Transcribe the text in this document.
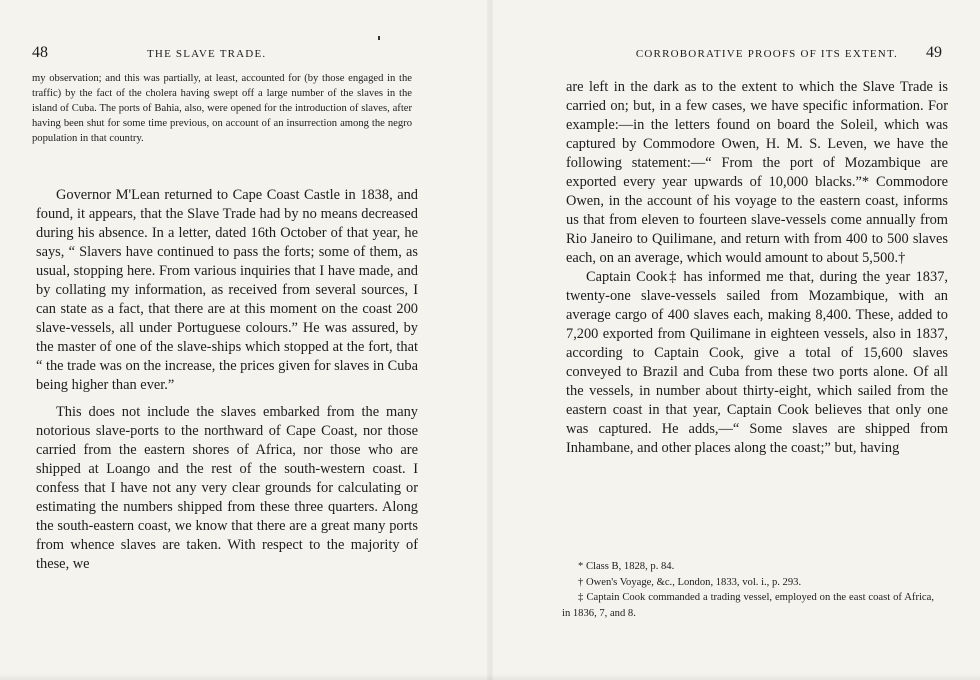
48	THE SLAVE TRADE.
my observation; and this was partially, at least, accounted for (by those engaged in the traffic) by the fact of the cholera having swept off a large number of the slaves in the island of Cuba. The ports of Bahia, also, were opened for the introduction of slaves, after having been shut for some time previous, on account of an insurrection among the negro population in that country.

Governor M'Lean returned to Cape Coast Castle in 1838, and found, it appears, that the Slave Trade had by no means decreased during his absence. In a letter, dated 16th October of that year, he says, “ Slavers have continued to pass the forts; some of them, as usual, stopping here. From various inquiries that I have made, and by collating my information, as received from several sources, I can state as a fact, that there are at this moment on the coast 200 slave-vessels, all under Portuguese colours.” He was assured, by the master of one of the slave-ships which stopped at the fort, that “ the trade was on the increase, the prices given for slaves in Cuba being higher than ever.”

This does not include the slaves embarked from the many notorious slave-ports to the northward of Cape Coast, nor those carried from the eastern shores of Africa, nor those who are shipped at Loango and the rest of the south-western coast. I confess that I have not any very clear grounds for calculating or estimating the numbers shipped from these three quarters. Along the south-eastern coast, we know that there are a great many ports from whence slaves are taken. With respect to the majority of these, we

CORROBORATIVE PROOFS OF ITS EXTENT. 49

are left in the dark as to the extent to which the Slave Trade is carried on; but, in a few cases, we have specific information. For example:—in the letters found on board the Soleil, which was captured by Commodore Owen, H. M. S. Leven, we have the following statement:—“ From the port of Mozambique are exported every year upwards of 10,000 blacks.”* Commodore Owen, in the account of his voyage to the eastern coast, informs us that from eleven to fourteen slave-vessels come annually from Rio Janeiro to Quilimane, and return with from 400 to 500 slaves each, on an average, which would amount to about 5,500.†

Captain Cook‡ has informed me that, during the year 1837, twenty-one slave-vessels sailed from Mozambique, with an average cargo of 400 slaves each, making 8,400. These, added to 7,200 exported from Quilimane in eighteen vessels, also in 1837, according to Captain Cook, give a total of 15,600 slaves conveyed to Brazil and Cuba from these two ports alone. Of all the vessels, in number about thirty-eight, which sailed from the eastern coast in that year, Captain Cook believes that only one was captured. He adds,—“ Some slaves are shipped from Inhambane, and other places along the coast;” but, having

* Class B, 1828, p. 84.

† Owen's Voyage, &c., London, 1833, vol. i., p. 293.

‡ Captain Cook commanded a trading vessel, employed on the east coast of Africa, in 1836, 7, and 8.
